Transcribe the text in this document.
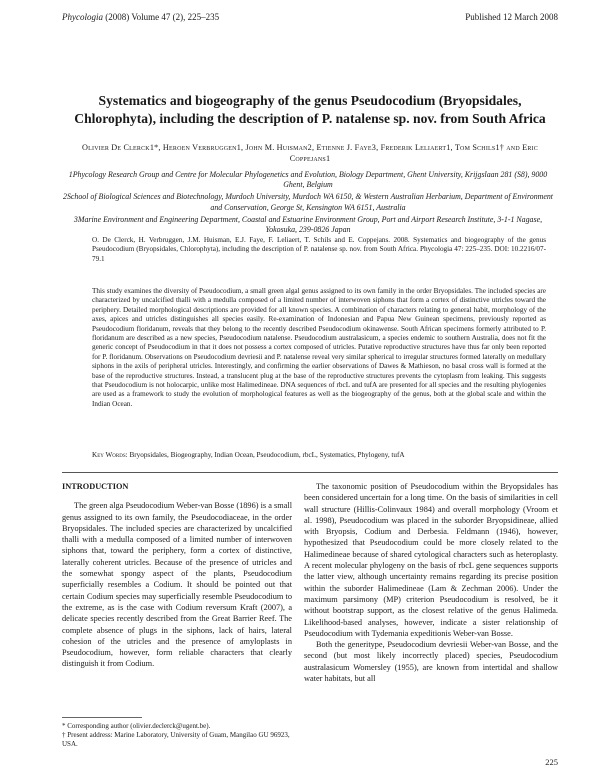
Phycologia (2008) Volume 47 (2), 225–235	Published 12 March 2008
Systematics and biogeography of the genus Pseudocodium (Bryopsidales, Chlorophyta), including the description of P. natalense sp. nov. from South Africa
Olivier De Clerck1*, Heroen Verbruggen1, John M. Huisman2, Etienne J. Faye3, Frederik Leliaert1, Tom Schils1† and Eric Coppejans1

1Phycology Research Group and Centre for Molecular Phylogenetics and Evolution, Biology Department, Ghent University, Krijgslaan 281 (S8), 9000 Ghent, Belgium

2School of Biological Sciences and Biotechnology, Murdoch University, Murdoch WA 6150, & Western Australian Herbarium, Department of Environment and Conservation, George St, Kensington WA 6151, Australia

3Marine Environment and Engineering Department, Coastal and Estuarine Environment Group, Port and Airport Research Institute, 3-1-1 Nagase, Yokosuka, 239-0826 Japan

O. De Clerck, H. Verbruggen, J.M. Huisman, E.J. Faye, F. Leliaert, T. Schils and E. Coppejans. 2008. Systematics and biogeography of the genus Pseudocodium (Bryopsidales, Chlorophyta), including the description of P. natalense sp. nov. from South Africa. Phycologia 47: 225–235. DOI: 10.2216/07-79.1
This study examines the diversity of Pseudocodium, a small green algal genus assigned to its own family in the order Bryopsidales. The included species are characterized by uncalcified thalli with a medulla composed of a limited number of interwoven siphons that form a cortex of distinctive utricles toward the periphery. Detailed morphological descriptions are provided for all known species. A combination of characters relating to general habit, morphology of the axes, apices and utricles distinguishes all species easily. Re-examination of Indonesian and Papua New Guinean specimens, previously reported as Pseudocodium floridanum, reveals that they belong to the recently described Pseudocodium okinawense. South African specimens formerly attributed to P. floridanum are described as a new species, Pseudocodium natalense. Pseudocodium australasicum, a species endemic to southern Australia, does not fit the generic concept of Pseudocodium in that it does not possess a cortex composed of utricles. Putative reproductive structures have thus far only been reported for P. floridanum. Observations on Pseudocodium devriesii and P. natalense reveal very similar spherical to irregular structures formed laterally on medullary siphons in the axils of peripheral utricles. Interestingly, and confirming the earlier observations of Dawes & Mathieson, no basal cross wall is formed at the base of the reproductive structures. Instead, a translucent plug at the base of the reproductive structures prevents the cytoplasm from leaking. This suggests that Pseudocodium is not holocarpic, unlike most Halimedineae. DNA sequences of rbcL and tufA are presented for all species and the resulting phylogenies are used as a framework to study the evolution of morphological features as well as the biogeography of the genus, both at the global scale and within the Indian Ocean.
Key Words: Bryopsidales, Biogeography, Indian Ocean, Pseudocodium, rbcL, Systematics, Phylogeny, tufA

INTRODUCTION

The green alga Pseudocodium Weber-van Bosse (1896) is a small genus assigned to its own family, the Pseudocodiaceae, in the order Bryopsidales. The included species are characterized by uncalcified thalli with a medulla composed of a limited number of interwoven siphons that, toward the periphery, form a cortex of distinctive, laterally coherent utricles. Because of the presence of utricles and the somewhat spongy aspect of the plants, Pseudocodium superficially resembles a Codium. It should be pointed out that certain Codium species may superficially resemble Pseudocodium to the extreme, as is the case with Codium reversum Kraft (2007), a delicate species recently described from the Great Barrier Reef. The complete absence of plugs in the siphons, lack of hairs, lateral cohesion of the utricles and the presence of amyloplasts in Pseudocodium, however, form reliable characters that clearly distinguish it from Codium.

The taxonomic position of Pseudocodium within the Bryopsidales has been considered uncertain for a long time. On the basis of similarities in cell wall structure (Hillis-Colinvaux 1984) and overall morphology (Vroom et al. 1998), Pseudocodium was placed in the suborder Bryopsidineae, allied with Bryopsis, Codium and Derbesia. Feldmann (1946), however, hypothesized that Pseudocodium could be more closely related to the Halimedineae because of shared cytological characters such as heteroplasty. A recent molecular phylogeny on the basis of rbcL gene sequences supports the latter view, although uncertainty remains regarding its precise position within the suborder Halimedineae (Lam & Zechman 2006). Under the maximum parsimony (MP) criterion Pseudocodium is resolved, be it without bootstrap support, as the closest relative of the genus Halimeda. Likelihood-based analyses, however, indicate a sister relationship of Pseudocodium with Tydemania expeditionis Weber-van Bosse.

Both the generitype, Pseudocodium devriesii Weber-van Bosse, and the second (but most likely incorrectly placed) species, Pseudocodium australasicum Womersley (1955), are known from intertidal and shallow water habitats, but all

* Corresponding author (olivier.declerck@ugent.be).

† Present address: Marine Laboratory, University of Guam, Mangilao GU 96923, USA.

225
